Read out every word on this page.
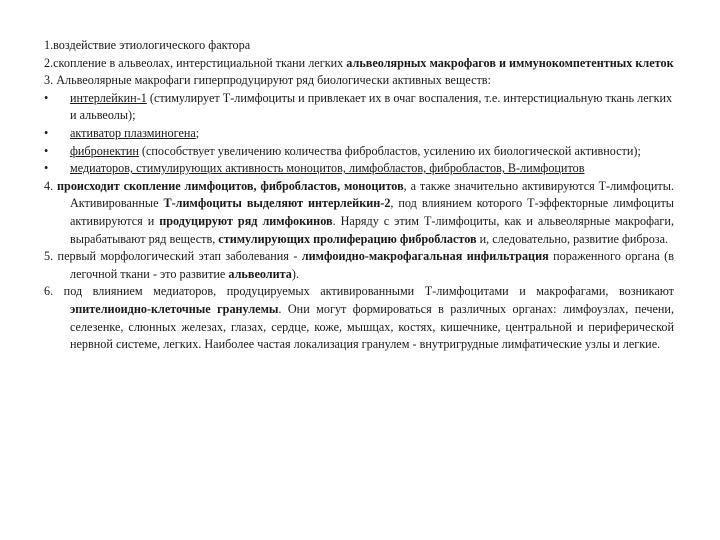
1.воздействие этиологического фактора

2.скопление в альвеолах, интерстициальной ткани легких альвеолярных макрофагов и иммунокомпетентных клеток

3. Альвеолярные макрофаги гиперпродуцируют ряд биологически активных веществ:

• интерлейкин-1 (стимулирует Т-лимфоциты и привлекает их в очаг воспаления, т.е. интерстициальную ткань легких и альвеолы);

• активатор плазминогена;

• фибронектин (способствует увеличению количества фибробластов, усилению их биологической активности);

• медиаторов, стимулирующих активность моноцитов, лимфобластов, фибробластов, В-лимфоцитов

4. происходит скопление лимфоцитов, фибробластов, моноцитов, а также значительно активируются Т-лимфоциты. Активированные Т-лимфоциты выделяют интерлейкин-2, под влиянием которого Т-эффекторные лимфоциты активируются и продуцируют ряд лимфокинов. Наряду с этим Т-лимфоциты, как и альвеолярные макрофаги, вырабатывают ряд веществ, стимулирующих пролиферацию фибробластов и, следовательно, развитие фиброза.

5. первый морфологический этап заболевания - лимфоидно-макрофагальная инфильтрация пораженного органа (в легочной ткани - это развитие альвеолита).

6. под влиянием медиаторов, продуцируемых активированными Т-лимфоцитами и макрофагами, возникают эпителиоидно-клеточные гранулемы. Они могут формироваться в различных органах: лимфоузлах, печени, селезенке, слюнных железах, глазах, сердце, коже, мышцах, костях, кишечнике, центральной и периферической нервной системе, легких. Наиболее частая локализация гранулем - внутригрудные лимфатические узлы и легкие.
